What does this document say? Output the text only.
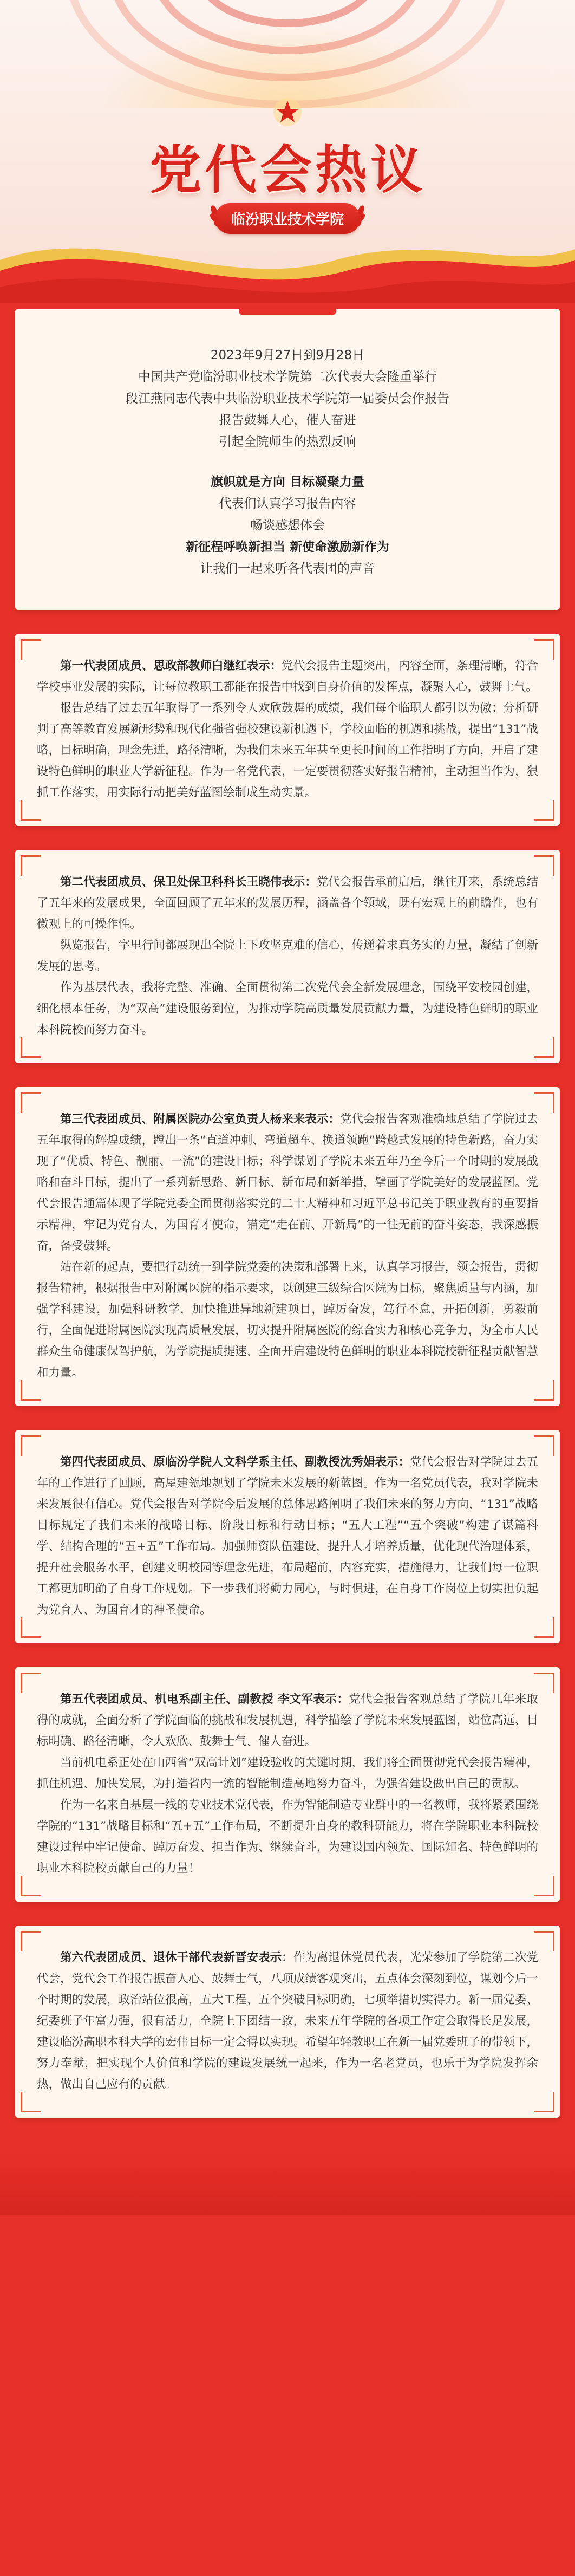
党代会热议
临汾职业技术学院
2023年9月27日到9月28日
中国共产党临汾职业技术学院第二次代表大会隆重举行
段江燕同志代表中共临汾职业技术学院第一届委员会作报告
报告鼓舞人心，催人奋进
引起全院师生的热烈反响
旗帜就是方向 目标凝聚力量
代表们认真学习报告内容
畅谈感想体会
新征程呼唤新担当 新使命激励新作为
让我们一起来听各代表团的声音

第一代表团成员、思政部教师白继红表示：党代会报告主题突出，内容全面，条理清晰，符合学校事业发展的实际，让每位教职工都能在报告中找到自身价值的发挥点，凝聚人心，鼓舞士气。

报告总结了过去五年取得了一系列令人欢欣鼓舞的成绩，我们每个临职人都引以为傲；分析研判了高等教育发展新形势和现代化强省强校建设新机遇下，学校面临的机遇和挑战，提出“131”战略，目标明确，理念先进，路径清晰，为我们未来五年甚至更长时间的工作指明了方向，开启了建设特色鲜明的职业大学新征程。作为一名党代表，一定要贯彻落实好报告精神，主动担当作为，狠抓工作落实，用实际行动把美好蓝图绘制成生动实景。

第二代表团成员、保卫处保卫科科长王晓伟表示：党代会报告承前启后，继往开来，系统总结了五年来的发展成果，全面回顾了五年来的发展历程，涵盖各个领域，既有宏观上的前瞻性，也有微观上的可操作性。

纵览报告，字里行间都展现出全院上下攻坚克难的信心，传递着求真务实的力量，凝结了创新发展的思考。

作为基层代表，我将完整、准确、全面贯彻第二次党代会全新发展理念，围绕平安校园创建，细化根本任务，为“双高”建设服务到位，为推动学院高质量发展贡献力量，为建设特色鲜明的职业本科院校而努力奋斗。

第三代表团成员、附属医院办公室负责人杨来来表示：党代会报告客观准确地总结了学院过去五年取得的辉煌成绩，蹚出一条“直道冲刺、弯道超车、换道领跑”跨越式发展的特色新路，奋力实现了“优质、特色、靓丽、一流”的建设目标；科学谋划了学院未来五年乃至今后一个时期的发展战略和奋斗目标，提出了一系列新思路、新目标、新布局和新举措，擘画了学院美好的发展蓝图。党代会报告通篇体现了学院党委全面贯彻落实党的二十大精神和习近平总书记关于职业教育的重要指示精神，牢记为党育人、为国育才使命，锚定“走在前、开新局”的一往无前的奋斗姿态，我深感振奋，备受鼓舞。

站在新的起点，要把行动统一到学院党委的决策和部署上来，认真学习报告，领会报告，贯彻报告精神，根据报告中对附属医院的指示要求，以创建三级综合医院为目标，聚焦质量与内涵，加强学科建设，加强科研教学，加快推进异地新建项目，踔厉奋发，笃行不怠，开拓创新，勇毅前行，全面促进附属医院实现高质量发展，切实提升附属医院的综合实力和核心竞争力，为全市人民群众生命健康保驾护航，为学院提质提速、全面开启建设特色鲜明的职业本科院校新征程贡献智慧和力量。

第四代表团成员、原临汾学院人文科学系主任、副教授沈秀娟表示：党代会报告对学院过去五年的工作进行了回顾，高屋建瓴地规划了学院未来发展的新蓝图。作为一名党员代表，我对学院未来发展很有信心。党代会报告对学院今后发展的总体思路阐明了我们未来的努力方向，“131”战略目标规定了我们未来的战略目标、阶段目标和行动目标；“五大工程”“五个突破”构建了谋篇科学、结构合理的“五+五”工作布局。加强师资队伍建设，提升人才培养质量，优化现代治理体系，提升社会服务水平，创建文明校园等理念先进，布局超前，内容充实，措施得力，让我们每一位职工都更加明确了自身工作规划。下一步我们将勤力同心，与时俱进，在自身工作岗位上切实担负起为党育人、为国育才的神圣使命。

第五代表团成员、机电系副主任、副教授 李文军表示：党代会报告客观总结了学院几年来取得的成就，全面分析了学院面临的挑战和发展机遇，科学描绘了学院未来发展蓝图，站位高远、目标明确、路径清晰，令人欢欣、鼓舞士气、催人奋进。

当前机电系正处在山西省“双高计划”建设验收的关键时期，我们将全面贯彻党代会报告精神，抓住机遇、加快发展，为打造省内一流的智能制造高地努力奋斗，为强省建设做出自己的贡献。

作为一名来自基层一线的专业技术党代表，作为智能制造专业群中的一名教师，我将紧紧围绕学院的“131”战略目标和“五+五”工作布局，不断提升自身的教科研能力，将在学院职业本科院校建设过程中牢记使命、踔厉奋发、担当作为、继续奋斗，为建设国内领先、国际知名、特色鲜明的职业本科院校贡献自己的力量！

第六代表团成员、退休干部代表新晋安表示：作为离退休党员代表，光荣参加了学院第二次党代会，党代会工作报告振奋人心、鼓舞士气，八项成绩客观突出，五点体会深刻到位，谋划今后一个时期的发展，政治站位很高，五大工程、五个突破目标明确，七项举措切实得力。新一届党委、纪委班子年富力强，很有活力，全院上下团结一致，未来五年学院的各项工作定会取得长足发展，建设临汾高职本科大学的宏伟目标一定会得以实现。希望年轻教职工在新一届党委班子的带领下，努力奉献，把实现个人价值和学院的建设发展统一起来，作为一名老党员，也乐于为学院发挥余热，做出自己应有的贡献。
